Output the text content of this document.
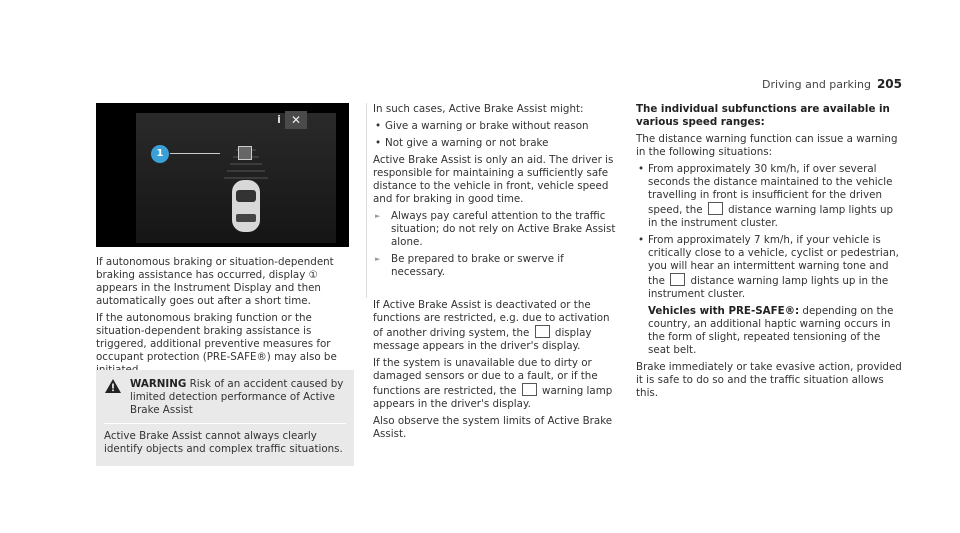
Driving and parking 205
i ✕
1

If autonomous braking or situation-dependent braking assistance has occurred, display ① appears in the Instrument Display and then automatically goes out after a short time.

If the autonomous braking function or the situation-dependent braking assistance is triggered, additional preventive measures for occupant protection (PRE-SAFE®) may also be

WARNING Risk of an accident caused by limited detection performance of Active Brake Assist
Active Brake Assist cannot always clearly identify objects and complex traffic situations.

In such cases, Active Brake Assist might:

• Give a warning or brake without reason

• Not give a warning or not brake

Active Brake Assist is only an aid. The driver is responsible for maintaining a sufficiently safe distance to the vehicle in front, vehicle speed and for braking in good time.

► Always pay careful attention to the traffic situation; do not rely on Active Brake Assist alone.

► Be prepared to brake or swerve if necessary.

If Active Brake Assist is deactivated or the functions are restricted, e.g. due to activation of another driving system, the display message appears in the driver's display.

If the system is unavailable due to dirty or damaged sensors or due to a fault, or if the functions are restricted, the warning lamp appears in the driver's display.

Also observe the system limits of Active Brake Assist.

The individual subfunctions are available in various speed ranges:

The distance warning function can issue a warning in the following situations:

• From approximately 30 km/h, if over several seconds the distance maintained to the vehicle travelling in front is insufficient for the driven speed, the distance warning lamp lights up in the instrument cluster.

• From approximately 7 km/h, if your vehicle is critically close to a vehicle, cyclist or pedestrian, you will hear an intermittent warning tone and the distance warning lamp lights up in the instrument cluster.

Vehicles with PRE-SAFE®: depending on the country, an additional haptic warning occurs in the form of slight, repeated tensioning of the seat belt.

Brake immediately or take evasive action, provided it is safe to do so and the traffic situation allows this.
